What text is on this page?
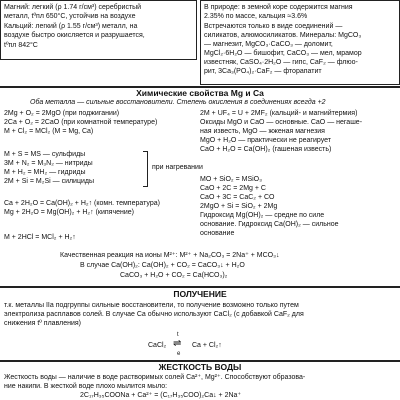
Магний: легкий (ρ 1.74 г/см³) серебристый
металл, tºпл 650°С, устойчив на воздухе
Кальций: легкий (ρ 1.55 г/см³) металл, на
воздухе быстро окисляется и разрушается,
tºпл 842°С
В природе: в земной коре содержится магния
2.35% по массе, кальция ≈3.6%
Встречаются только в виде соединений —
силикатов, алюмосиликатов. Минералы: MgCO₃
— магнезит, MgCO₃·CaCO₃ — доломит,
MgCl₂·6H₂O — бишофит, CaCO₃ — мел, мрамор
известняк, CaSO₄·2H₂O — гипс, CaF₂ — флюо-
рит, 3Ca₃(PO₄)₂·CaF₂ — фторапатит
Химические свойства Mg и Ca
Оба металла — сильные восстановители. Степень окисления в соединениях всегда +2
2Mg + O₂ = 2MgO (при поджигании)
2Ca + O₂ = 2CaO (при комнатной температуре)
M + Cl₂ = MCl₂ (M = Mg, Ca)
M + S = MS — сульфиды
3M + N₂ = M₃N₂ — нитриды
M + H₂ = MH₂ — гидриды
2M + Si = M₂Si — силициды
при нагревании
Ca + 2H₂O = Ca(OH)₂ + H₂↑ (комн. температура)
Mg + 2H₂O = Mg(OH)₂ + H₂↑ (кипячение)
M + 2HCl = MCl₂ + H₂↑
2M + UF₄ = U + 2MF₂ (кальций- и магнийтермия)
Оксиды MgO и CaO — основные. CaO — негаше-
ная известь, MgO — жженая магнезия
MgO + H₂O — практически не реагирует
CaO + H₂O = Ca(OH)₂ (гашеная известь)
MO + SiO₂ = MSiO₃
CaO + 2C = 2Mg + C
CaO + 3C = CaC₂ + CO
2MgO + Si = SiO₂ + 2Mg
Гидроксид Mg(OH)₂ — средне по силе
основание. Гидроксид Ca(OH)₂ — сильное
основание
Качественная реакция на ионы M²⁺: M²⁺ + Na₂CO₃ = 2Na⁺ + MCO₃↓
В случае Ca(OH)₂: Ca(OH)₂ + CO₂ = CaCO₃↓ + H₂O
CaCO₃ + H₂O + CO₂ = Ca(HCO₃)₂
ПОЛУЧЕНИЕ
т.к. металлы IIa подгруппы сильные восстановители, то получение возможно только путем
электролиза расплавов солей. В случае Ca обычно используют CaCl₂ (с добавкой CaF₂ для
снижения tº плавления)
CaCl₂
t
⇌
e
Ca + Cl₂↑
ЖЕСТКОСТЬ ВОДЫ
Жесткость воды — наличие в воде растворимых солей Ca²⁺, Mg²⁺. Способствуют образова-
ние накипи. В жесткой воде плохо мылится мыло:
2C₁₇H₃₅COONa + Ca²⁺ = (C₁₇H₃₅COO)₂Ca↓ + 2Na⁺
